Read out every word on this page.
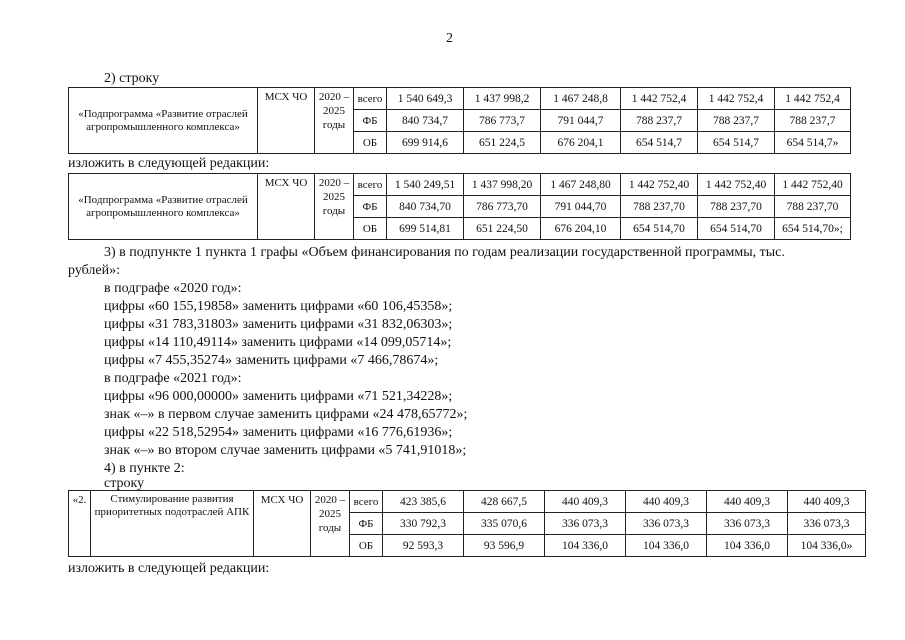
2
2) строку
«Подпрограмма «Развитие отраслей агропромышленного комплекса»	МСХ ЧО	2020 – 2025 годы	всего	1 540 649,3	1 437 998,2	1 467 248,8	1 442 752,4	1 442 752,4	1 442 752,4
			ФБ	840 734,7	786 773,7	791 044,7	788 237,7	788 237,7	788 237,7
			ОБ	699 914,6	651 224,5	676 204,1	654 514,7	654 514,7	654 514,7»
изложить в следующей редакции:
«Подпрограмма «Развитие отраслей агропромышленного комплекса»	МСХ ЧО	2020 – 2025 годы	всего	1 540 249,51	1 437 998,20	1 467 248,80	1 442 752,40	1 442 752,40	1 442 752,40
			ФБ	840 734,70	786 773,70	791 044,70	788 237,70	788 237,70	788 237,70
			ОБ	699 514,81	651 224,50	676 204,10	654 514,70	654 514,70	654 514,70»;
3) в подпункте 1 пункта 1 графы «Объем финансирования по годам реализации государственной программы, тыс.
рублей»:
в подграфе «2020 год»:
цифры «60 155,19858» заменить цифрами «60 106,45358»;
цифры «31 783,31803» заменить цифрами «31 832,06303»;
цифры «14 110,49114» заменить цифрами «14 099,05714»;
цифры «7 455,35274» заменить цифрами «7 466,78674»;
в подграфе «2021 год»:
цифры «96 000,00000» заменить цифрами «71 521,34228»;
знак «–» в первом случае заменить цифрами «24 478,65772»;
цифры «22 518,52954» заменить цифрами «16 776,61936»;
знак «–» во втором случае заменить цифрами «5 741,91018»;
4) в пункте 2:
строку
«2.	Стимулирование развития приоритетных подотраслей АПК	МСХ ЧО	2020 – 2025 годы	всего	423 385,6	428 667,5	440 409,3	440 409,3	440 409,3	440 409,3
				ФБ	330 792,3	335 070,6	336 073,3	336 073,3	336 073,3	336 073,3
				ОБ	92 593,3	93 596,9	104 336,0	104 336,0	104 336,0	104 336,0»
изложить в следующей редакции:
